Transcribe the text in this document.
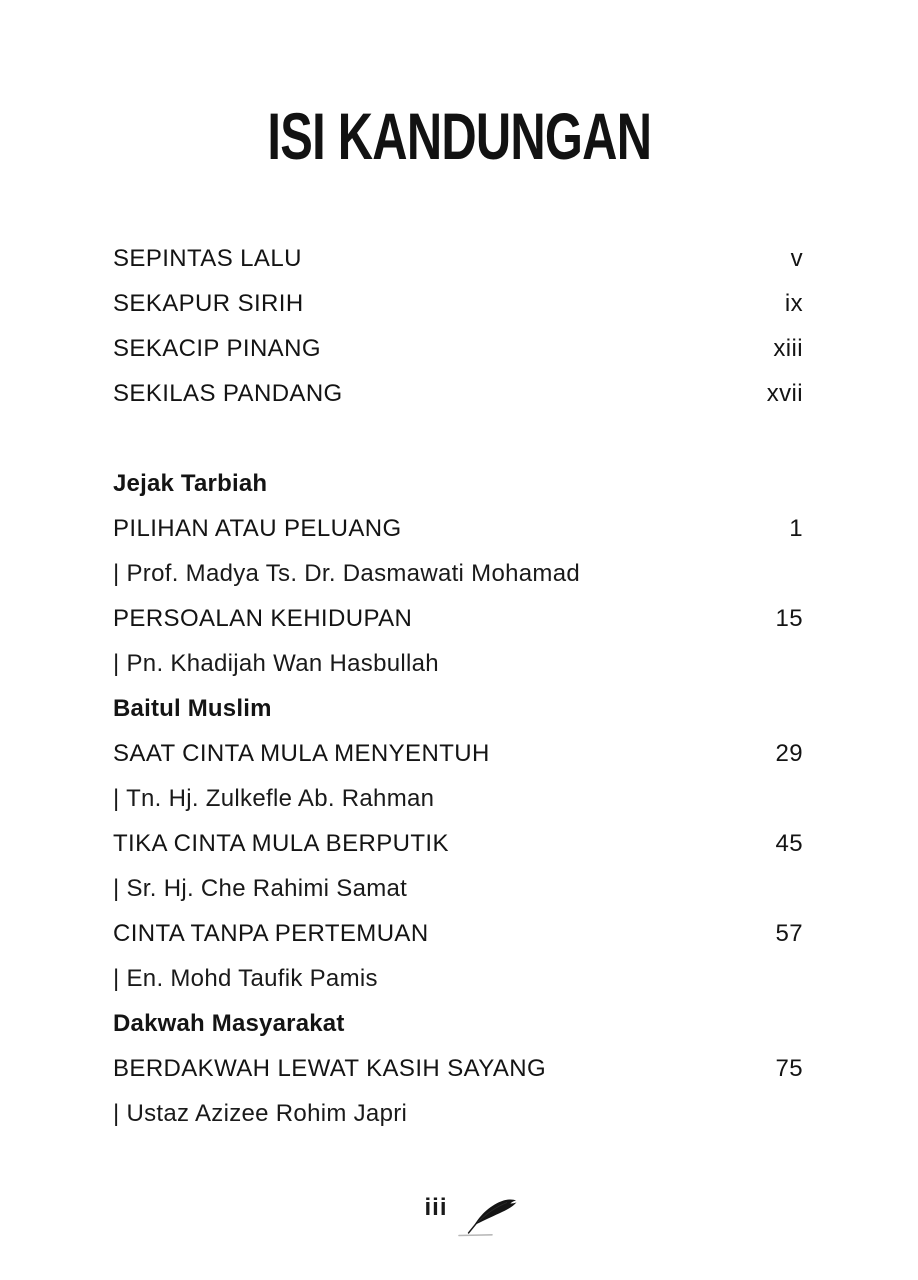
ISI KANDUNGAN
SEPINTAS LALU	v
SEKAPUR SIRIH	ix
SEKACIP PINANG	xiii
SEKILAS PANDANG	xvii
Jejak Tarbiah
PILIHAN ATAU PELUANG	1
| Prof. Madya Ts. Dr. Dasmawati Mohamad
PERSOALAN KEHIDUPAN	15
| Pn. Khadijah Wan Hasbullah
Baitul Muslim
SAAT CINTA MULA MENYENTUH	29
| Tn. Hj. Zulkefle Ab. Rahman
TIKA CINTA MULA BERPUTIK	45
| Sr. Hj. Che Rahimi Samat
CINTA TANPA PERTEMUAN	57
| En. Mohd Taufik Pamis
Dakwah Masyarakat
BERDAKWAH LEWAT KASIH SAYANG	75
| Ustaz Azizee Rohim Japri
iii
